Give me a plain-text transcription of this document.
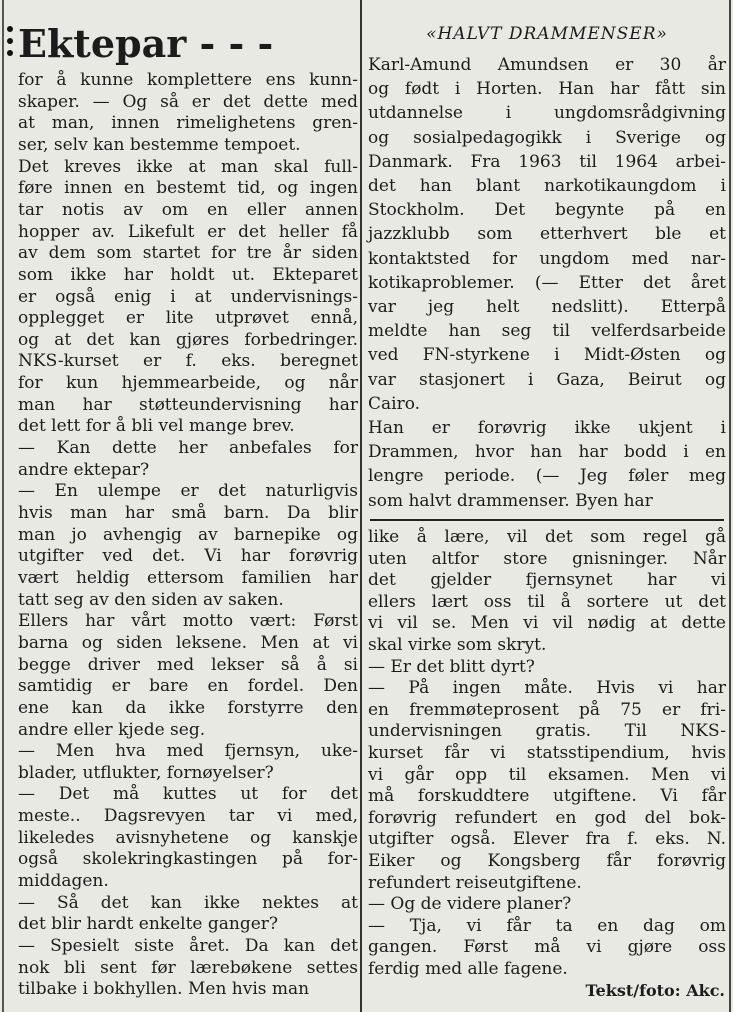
Ektepar - - -
for å kunne komplettere ens kunn-
skaper. — Og så er det dette med
at man, innen rimelighetens gren-
ser, selv kan bestemme tempoet.
Det kreves ikke at man skal full-
føre innen en bestemt tid, og ingen
tar notis av om en eller annen
hopper av. Likefult er det heller få
av dem som startet for tre år siden
som ikke har holdt ut. Ekteparet
er også enig i at undervisnings-
opplegget er lite utprøvet ennå,
og at det kan gjøres forbedringer.
NKS-kurset er f. eks. beregnet
for kun hjemmearbeide, og når
man har støtteundervisning har
det lett for å bli vel mange brev.
— Kan dette her anbefales for
andre ektepar?
— En ulempe er det naturligvis
hvis man har små barn. Da blir
man jo avhengig av barnepike og
utgifter ved det. Vi har forøvrig
vært heldig ettersom familien har
tatt seg av den siden av saken.
Ellers har vårt motto vært: Først
barna og siden leksene. Men at vi
begge driver med lekser så å si
samtidig er bare en fordel. Den
ene kan da ikke forstyrre den
andre eller kjede seg.
— Men hva med fjernsyn, uke-
blader, utflukter, fornøyelser?
— Det må kuttes ut for det
meste.. Dagsrevyen tar vi med,
likeledes avisnyhetene og kanskje
også skolekringkastingen på for-
middagen.
— Så det kan ikke nektes at
det blir hardt enkelte ganger?
— Spesielt siste året. Da kan det
nok bli sent før lærebøkene settes
tilbake i bokhyllen. Men hvis man
«HALVT DRAMMENSER»
Karl-Amund Amundsen er 30 år
og født i Horten. Han har fått sin
utdannelse i ungdomsrådgivning
og sosialpedagogikk i Sverige og
Danmark. Fra 1963 til 1964 arbei-
det han blant narkotikaungdom i
Stockholm. Det begynte på en
jazzklubb som etterhvert ble et
kontaktsted for ungdom med nar-
kotikaproblemer. (— Etter det året
var jeg helt nedslitt). Etterpå
meldte han seg til velferdsarbeide
ved FN-styrkene i Midt-Østen og
var stasjonert i Gaza, Beirut og
Cairo.
Han er forøvrig ikke ukjent i
Drammen, hvor han har bodd i en
lengre periode. (— Jeg føler meg
som halvt drammenser. Byen har
like å lære, vil det som regel gå
uten altfor store gnisninger. Når
det gjelder fjernsynet har vi
ellers lært oss til å sortere ut det
vi vil se. Men vi vil nødig at dette
skal virke som skryt.
— Er det blitt dyrt?
— På ingen måte. Hvis vi har
en fremmøteprosent på 75 er fri-
undervisningen gratis. Til NKS-
kurset får vi statsstipendium, hvis
vi går opp til eksamen. Men vi
må forskuddtere utgiftene. Vi får
forøvrig refundert en god del bok-
utgifter også. Elever fra f. eks. N.
Eiker og Kongsberg får forøvrig
refundert reiseutgiftene.
— Og de videre planer?
— Tja, vi får ta en dag om
gangen. Først må vi gjøre oss
ferdig med alle fagene.
Tekst/foto: Akc.
